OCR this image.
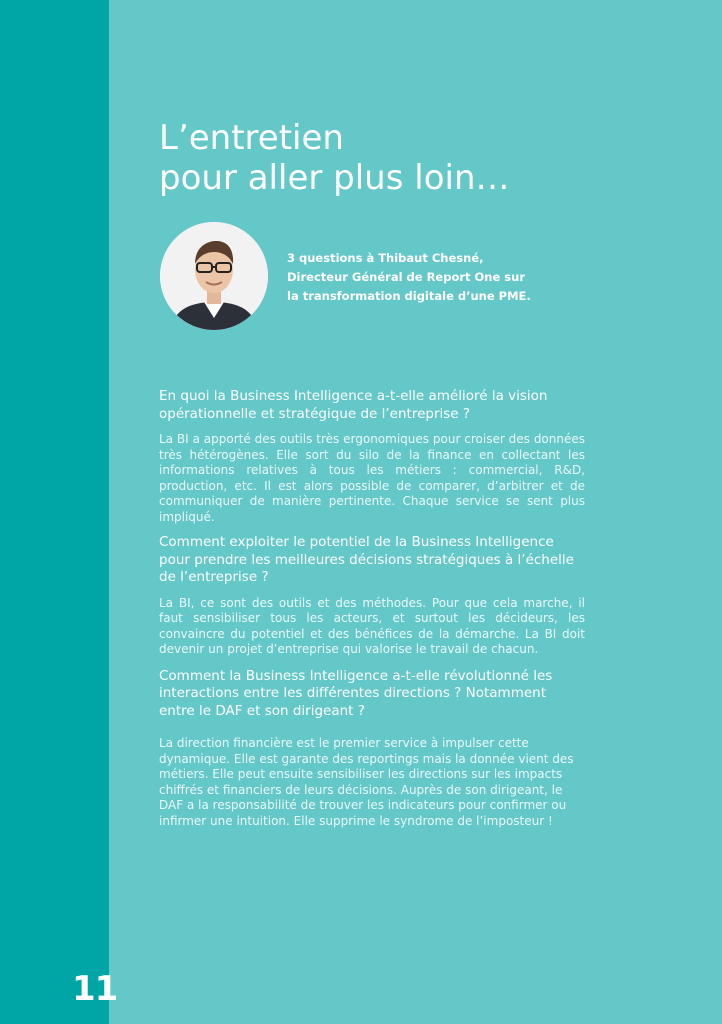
11
L’entretien
pour aller plus loin…
3 questions à Thibaut Chesné,
Directeur Général de Report One sur
la transformation digitale d’une PME.
En quoi la Business Intelligence a-t-elle amélioré la vision opérationnelle et stratégique de l’entreprise ?

La BI a apporté des outils très ergonomiques pour croiser des données très hétérogènes. Elle sort du silo de la finance en collectant les informations relatives à tous les métiers : commercial, R&D, production, etc. Il est alors possible de comparer, d’arbitrer et de communiquer de manière pertinente. Chaque service se sent plus impliqué.

Comment exploiter le potentiel de la Business Intelligence pour prendre les meilleures décisions stratégiques à l’échelle de l’entreprise ?

La BI, ce sont des outils et des méthodes. Pour que cela marche, il faut sensibiliser tous les acteurs, et surtout les décideurs, les convaincre du potentiel et des bénéfices de la démarche. La BI doit devenir un projet d’entreprise qui valorise le travail de chacun.

Comment la Business Intelligence a-t-elle révolutionné les interactions entre les différentes directions ? Notamment entre le DAF et son dirigeant ?

La direction financière est le premier service à impulser cette dynamique. Elle est garante des reportings mais la donnée vient des métiers. Elle peut ensuite sensibiliser les directions sur les impacts chiffrés et financiers de leurs décisions. Auprès de son dirigeant, le DAF a la responsabilité de trouver les indicateurs pour confirmer ou infirmer une intuition. Elle supprime le syndrome de l’imposteur !
